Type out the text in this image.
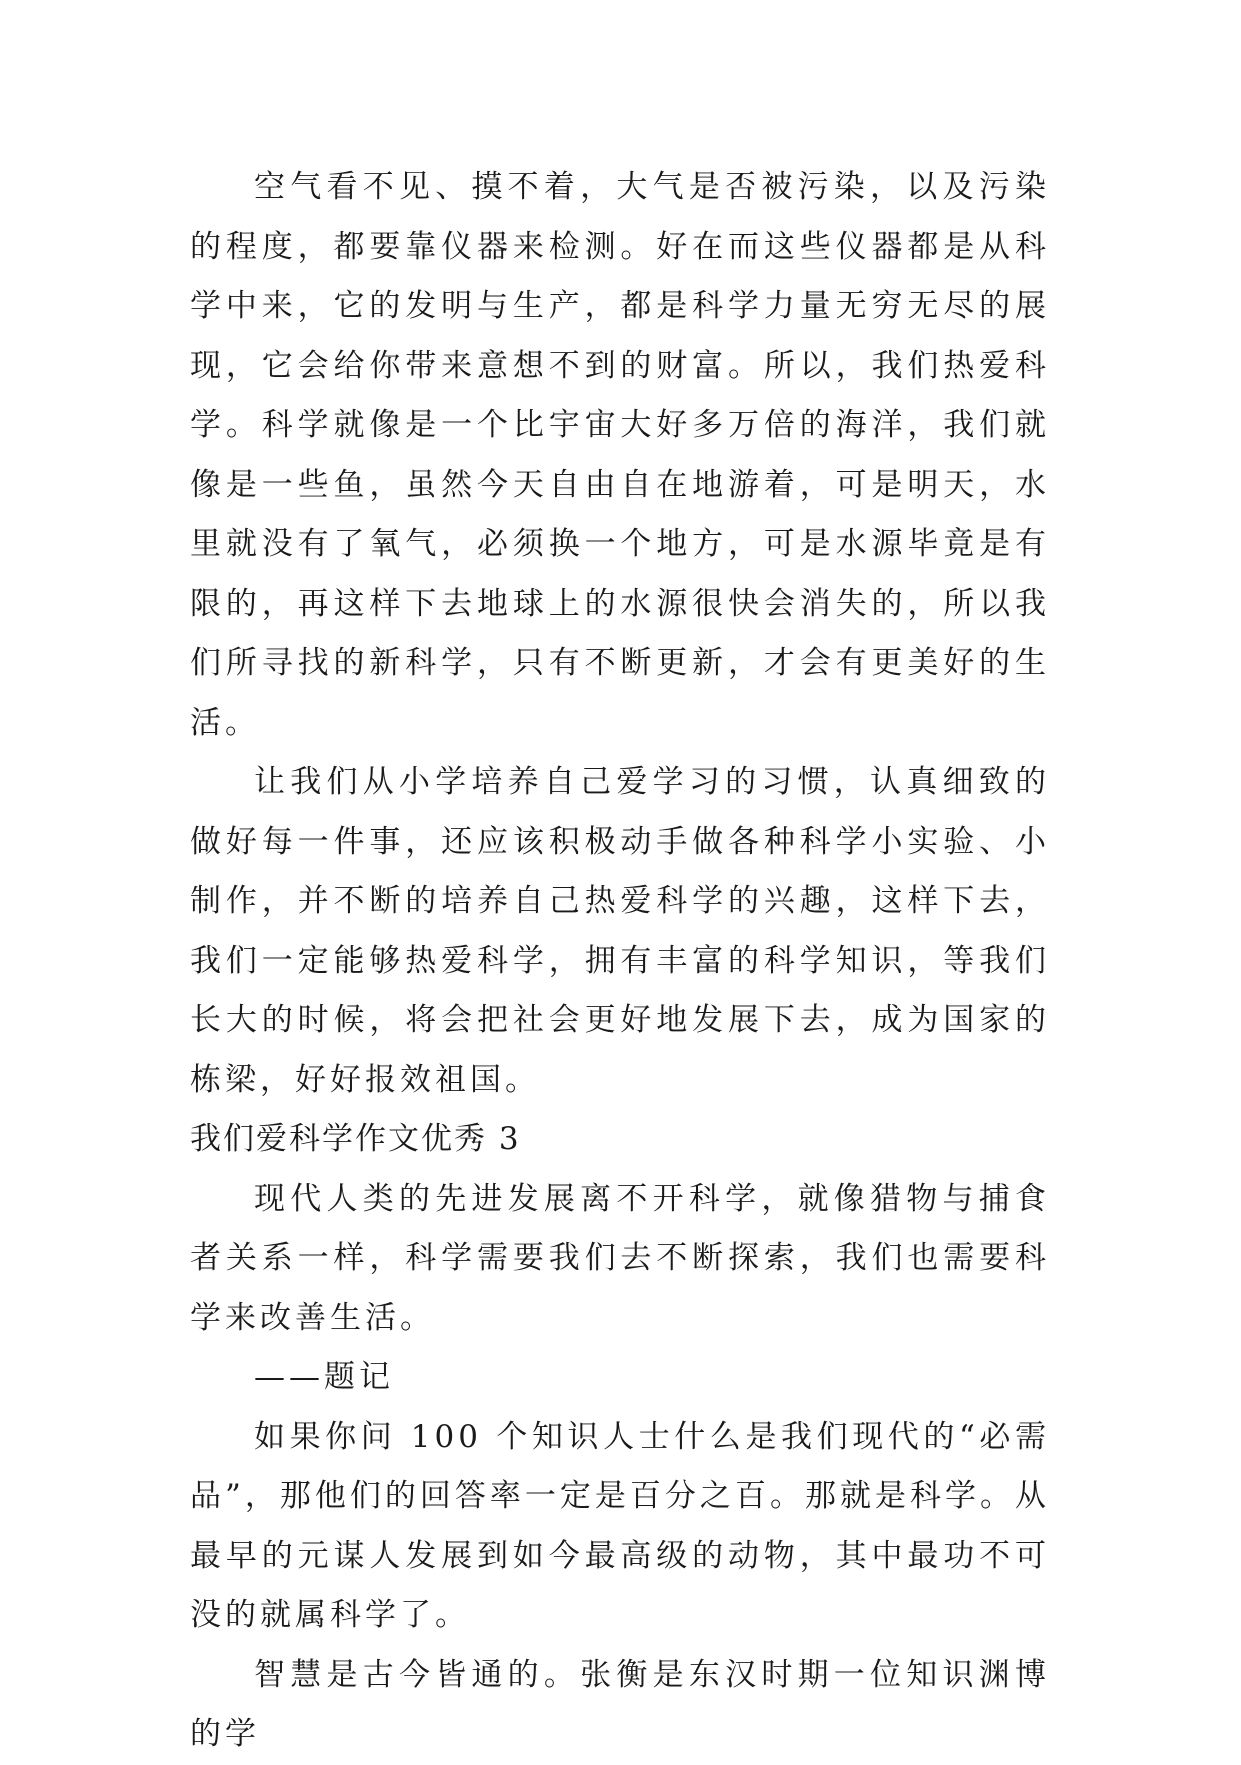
空气看不见、摸不着，大气是否被污染，以及污染的程度，都要靠仪器来检测。好在而这些仪器都是从科学中来，它的发明与生产，都是科学力量无穷无尽的展现，它会给你带来意想不到的财富。所以，我们热爱科学。科学就像是一个比宇宙大好多万倍的海洋，我们就像是一些鱼，虽然今天自由自在地游着，可是明天，水里就没有了氧气，必须换一个地方，可是水源毕竟是有限的，再这样下去地球上的水源很快会消失的，所以我们所寻找的新科学，只有不断更新，才会有更美好的生活。

让我们从小学培养自己爱学习的习惯，认真细致的做好每一件事，还应该积极动手做各种科学小实验、小制作，并不断的培养自己热爱科学的兴趣，这样下去，我们一定能够热爱科学，拥有丰富的科学知识，等我们长大的时候，将会把社会更好地发展下去，成为国家的栋梁，好好报效祖国。

我们爱科学作文优秀 3

现代人类的先进发展离不开科学，就像猎物与捕食者关系一样，科学需要我们去不断探索，我们也需要科学来改善生活。

——题记

如果你问 100 个知识人士什么是我们现代的“必需品”，那他们的回答率一定是百分之百。那就是科学。从最早的元谋人发展到如今最高级的动物，其中最功不可没的就属科学了。

智慧是古今皆通的。张衡是东汉时期一位知识渊博的学
